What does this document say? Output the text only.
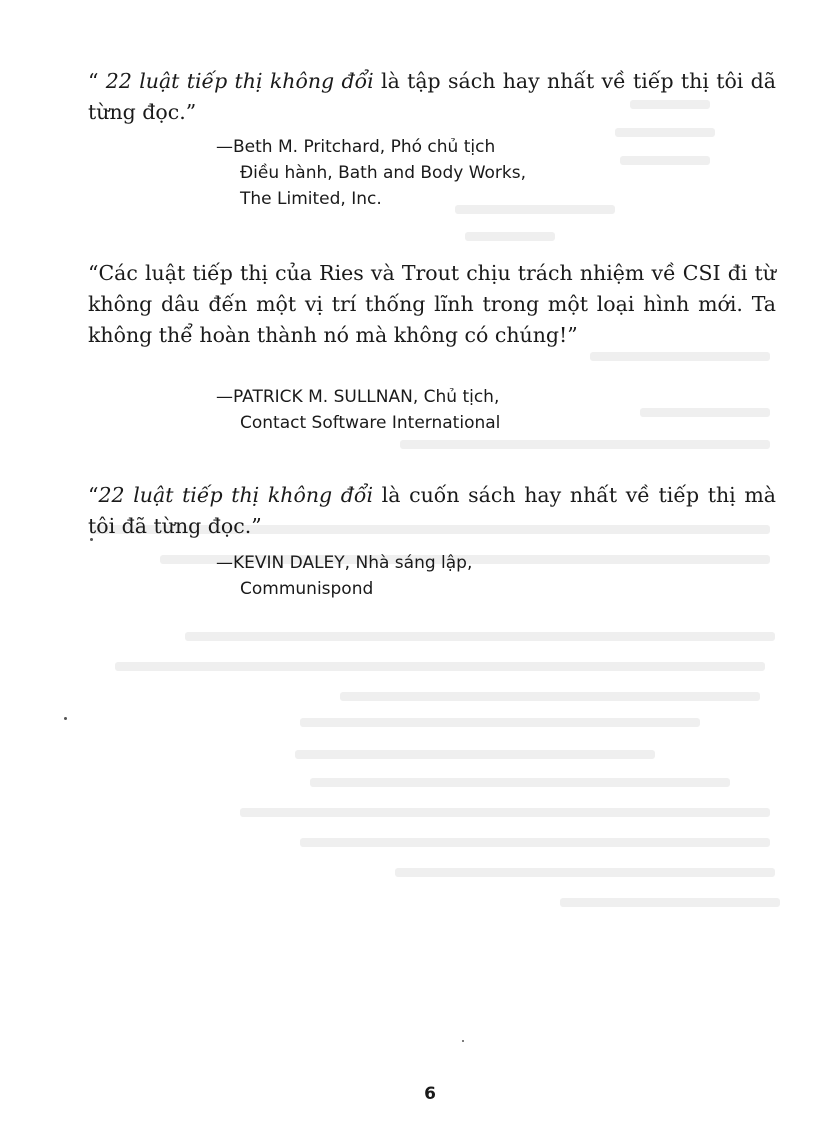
“ 22 luật tiếp thị không đổi là tập sách hay nhất về tiếp thị tôi dã từng đọc.”
—Beth M. Pritchard, Phó chủ tịch
Điều hành, Bath and Body Works,
The Limited, Inc.
“Các luật tiếp thị của Ries và Trout chịu trách nhiệm về CSI đi từ không dâu đến một vị trí thống lĩnh trong một loại hình mới. Ta không thể hoàn thành nó mà không có chúng!”
—PATRICK M. SULLNAN, Chủ tịch,
Contact Software International
“22 luật tiếp thị không đổi là cuốn sách hay nhất về tiếp thị mà tôi đã từng đọc.”
—KEVIN DALEY, Nhà sáng lập,
Communispond
6
